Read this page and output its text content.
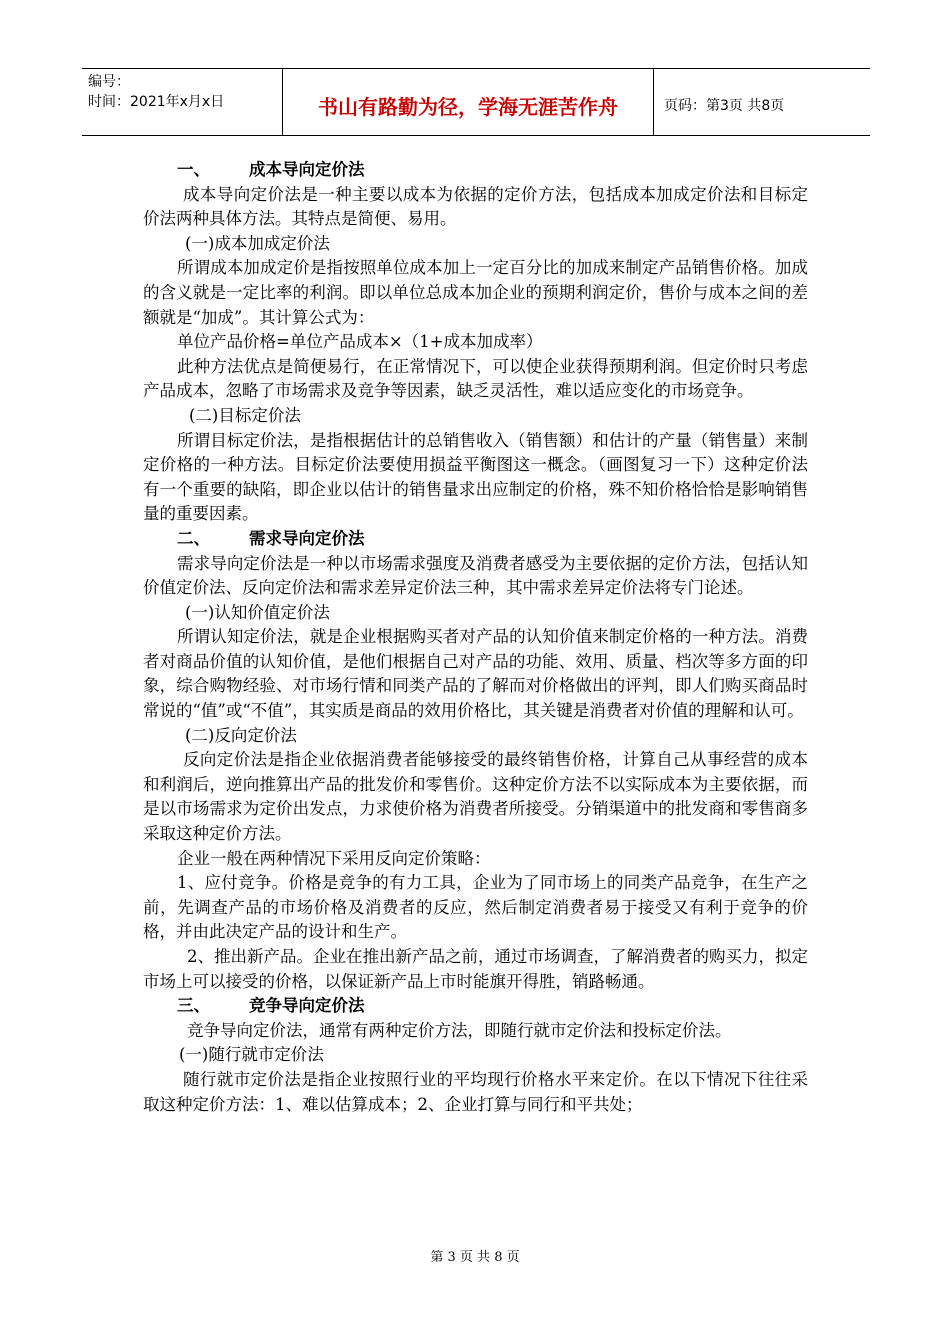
编号：
时间：2021年x月x日	书山有路勤为径，学海无涯苦作舟	页码：第3页 共8页

一、 成本导向定价法

成本导向定价法是一种主要以成本为依据的定价方法，包括成本加成定价法和目标定价法两种具体方法。其特点是简便、易用。

(一)成本加成定价法

所谓成本加成定价是指按照单位成本加上一定百分比的加成来制定产品销售价格。加成的含义就是一定比率的利润。即以单位总成本加企业的预期利润定价，售价与成本之间的差额就是“加成”。其计算公式为：

单位产品价格=单位产品成本×（1+成本加成率）

此种方法优点是简便易行，在正常情况下，可以使企业获得预期利润。但定价时只考虑产品成本，忽略了市场需求及竞争等因素，缺乏灵活性，难以适应变化的市场竞争。

(二)目标定价法

所谓目标定价法，是指根据估计的总销售收入（销售额）和估计的产量（销售量）来制定价格的一种方法。目标定价法要使用损益平衡图这一概念。（画图复习一下）这种定价法有一个重要的缺陷，即企业以估计的销售量求出应制定的价格，殊不知价格恰恰是影响销售量的重要因素。

二、 需求导向定价法

需求导向定价法是一种以市场需求强度及消费者感受为主要依据的定价方法，包括认知价值定价法、反向定价法和需求差异定价法三种，其中需求差异定价法将专门论述。

(一)认知价值定价法

所谓认知定价法，就是企业根据购买者对产品的认知价值来制定价格的一种方法。消费者对商品价值的认知价值，是他们根据自己对产品的功能、效用、质量、档次等多方面的印象，综合购物经验、对市场行情和同类产品的了解而对价格做出的评判，即人们购买商品时常说的“值”或“不值”，其实质是商品的效用价格比，其关键是消费者对价值的理解和认可。

(二)反向定价法

反向定价法是指企业依据消费者能够接受的最终销售价格，计算自己从事经营的成本和利润后，逆向推算出产品的批发价和零售价。这种定价方法不以实际成本为主要依据，而是以市场需求为定价出发点，力求使价格为消费者所接受。分销渠道中的批发商和零售商多采取这种定价方法。

企业一般在两种情况下采用反向定价策略：

1、应付竞争。价格是竞争的有力工具，企业为了同市场上的同类产品竞争，在生产之前，先调查产品的市场价格及消费者的反应，然后制定消费者易于接受又有利于竞争的价格，并由此决定产品的设计和生产。

2、推出新产品。企业在推出新产品之前，通过市场调查，了解消费者的购买力，拟定市场上可以接受的价格，以保证新产品上市时能旗开得胜，销路畅通。

三、 竞争导向定价法

竞争导向定价法，通常有两种定价方法，即随行就市定价法和投标定价法。

(一)随行就市定价法

随行就市定价法是指企业按照行业的平均现行价格水平来定价。在以下情况下往往采取这种定价方法：1、难以估算成本；2、企业打算与同行和平共处；

第 3 页 共 8 页
